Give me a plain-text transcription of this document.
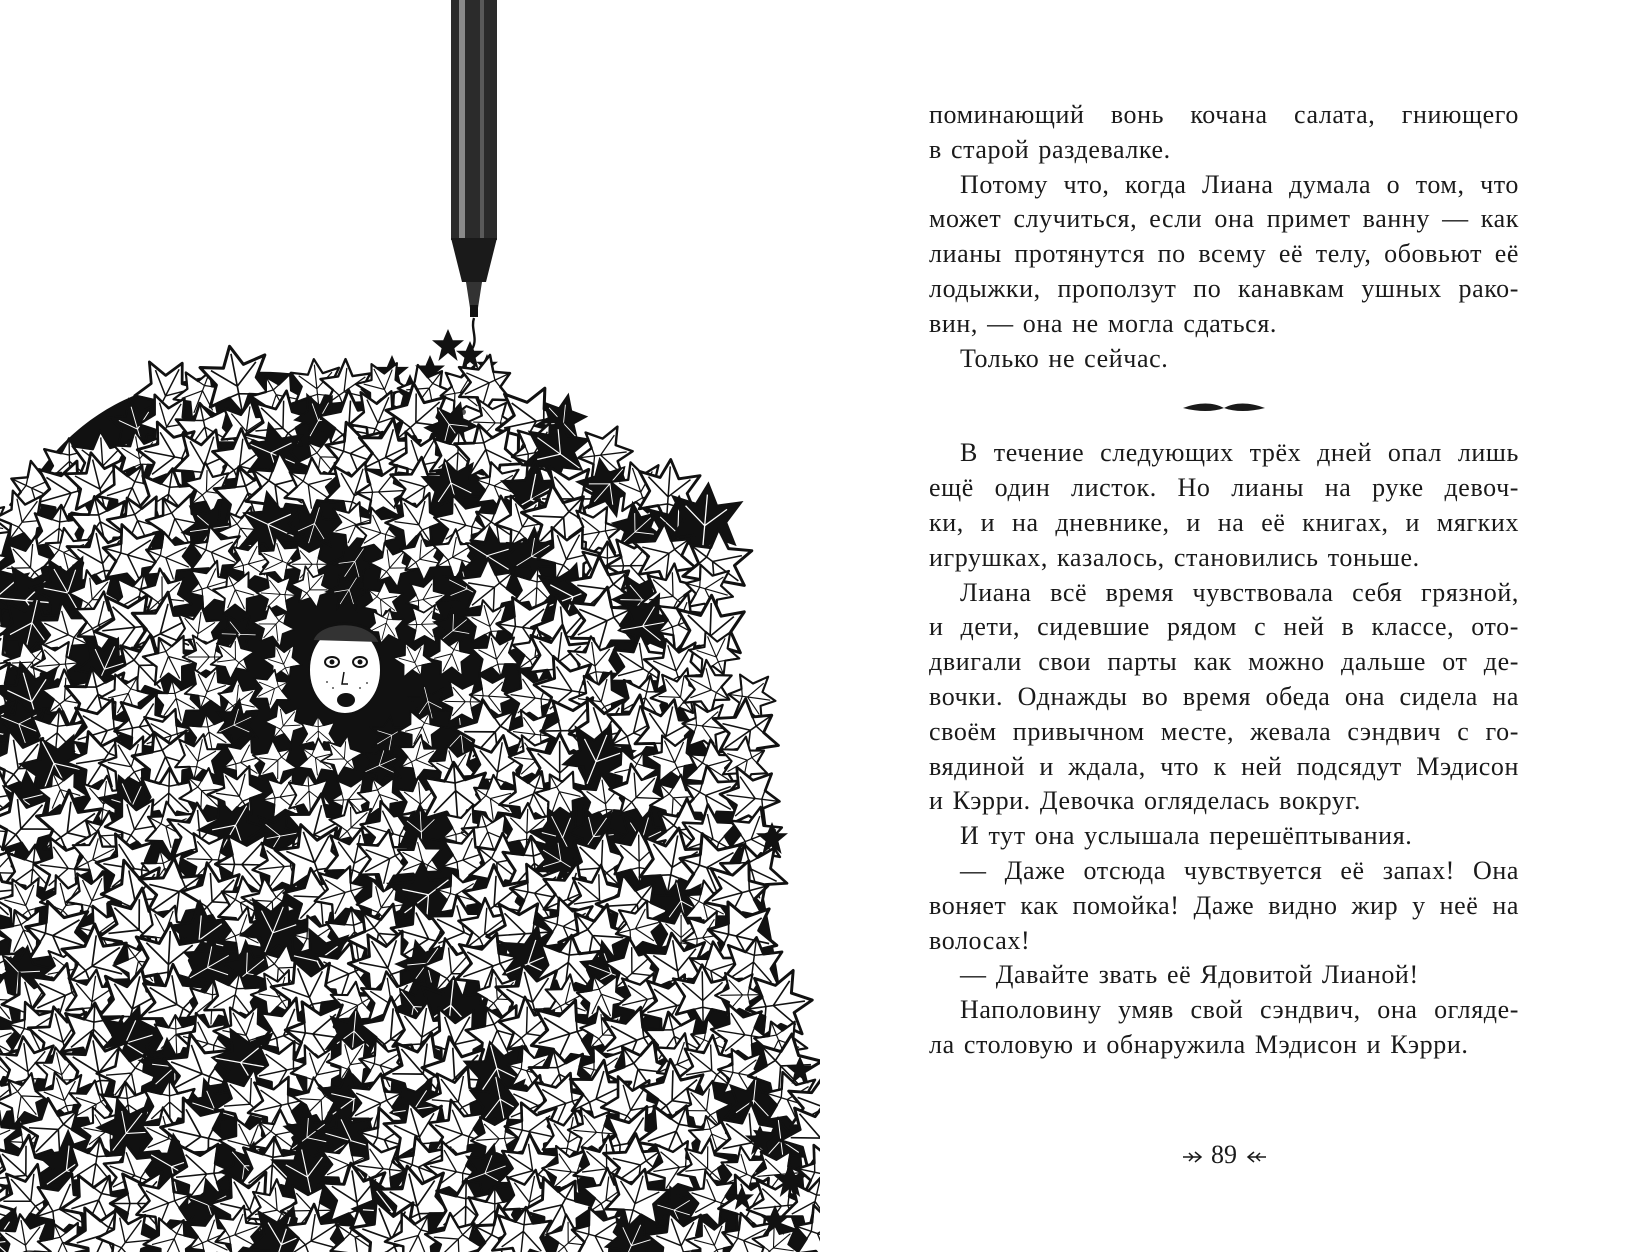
поминающий вонь кочана салата, гниющего

в старой раздевалке.

Потому что, когда Лиана думала о том, что

может случиться, если она примет ванну — как

лианы протянутся по всему её телу, обовьют её

лодыжки, проползут по канавкам ушных рако-

вин, — она не могла сдаться.

Только не сейчас.

В течение следующих трёх дней опал лишь

ещё один листок. Но лианы на руке девоч-

ки, и на дневнике, и на её книгах, и мягких

игрушках, казалось, становились тоньше.

Лиана всё время чувствовала себя грязной,

и дети, сидевшие рядом с ней в классе, ото-

двигали свои парты как можно дальше от де-

вочки. Однажды во время обеда она сидела на

своём привычном месте, жевала сэндвич с го-

вядиной и ждала, что к ней подсядут Мэдисон

и Кэрри. Девочка огляделась вокруг.

И тут она услышала перешёптывания.

— Даже отсюда чувствуется её запах! Она

воняет как помойка! Даже видно жир у неё на

волосах!

— Давайте звать её Ядовитой Лианой!

Наполовину умяв свой сэндвич, она огляде-

ла столовую и обнаружила Мэдисон и Кэрри.

89
